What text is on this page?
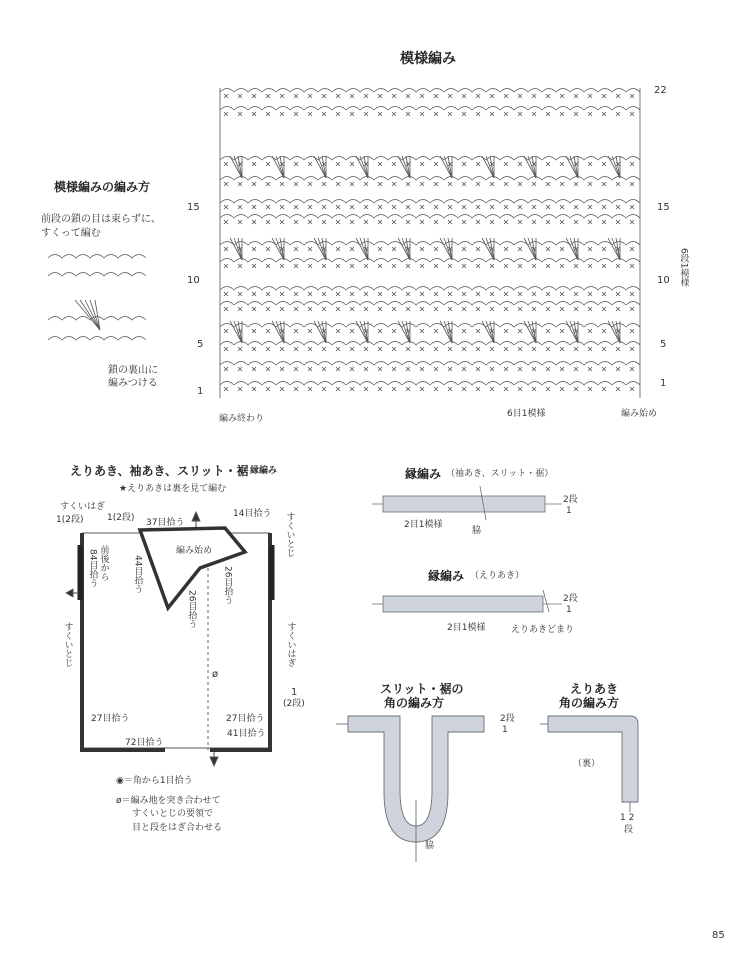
模様編み
模様編みの編み方
前段の鎖の目は束らずに、
すくって編む
鎖の裏山に
編みつける
22
15	15
10	10
5	5
1
1
6段1模様
編み終わり	編み始め
6目1模様
えりあき、袖あき、スリット・裾 縁編み
★えりあきは裏を見て編む
すくいはぎ
1(2段)	1(2段) 37目拾う
14目拾う すくいとじ
編み始め
前後から
84目拾う	44目拾う	26目拾う
26目拾う
すくいとじ	すくいはぎ
ø
1
(2段)
27目拾う	27目拾う
41目拾う
72目拾う
◉＝角から1目拾う
ø＝編み地を突き合わせて
すくいとじの要領で
目と段をはぎ合わせる
縁編み （袖あき、スリット・裾）
2段
1
2目1模様
脇
縁編み （えりあき）
2段
1
2目1模様	えりあきどまり
スリット・裾の
角の編み方
2段
1
脇
えりあき
角の編み方
（裏）
1 2
段
85
